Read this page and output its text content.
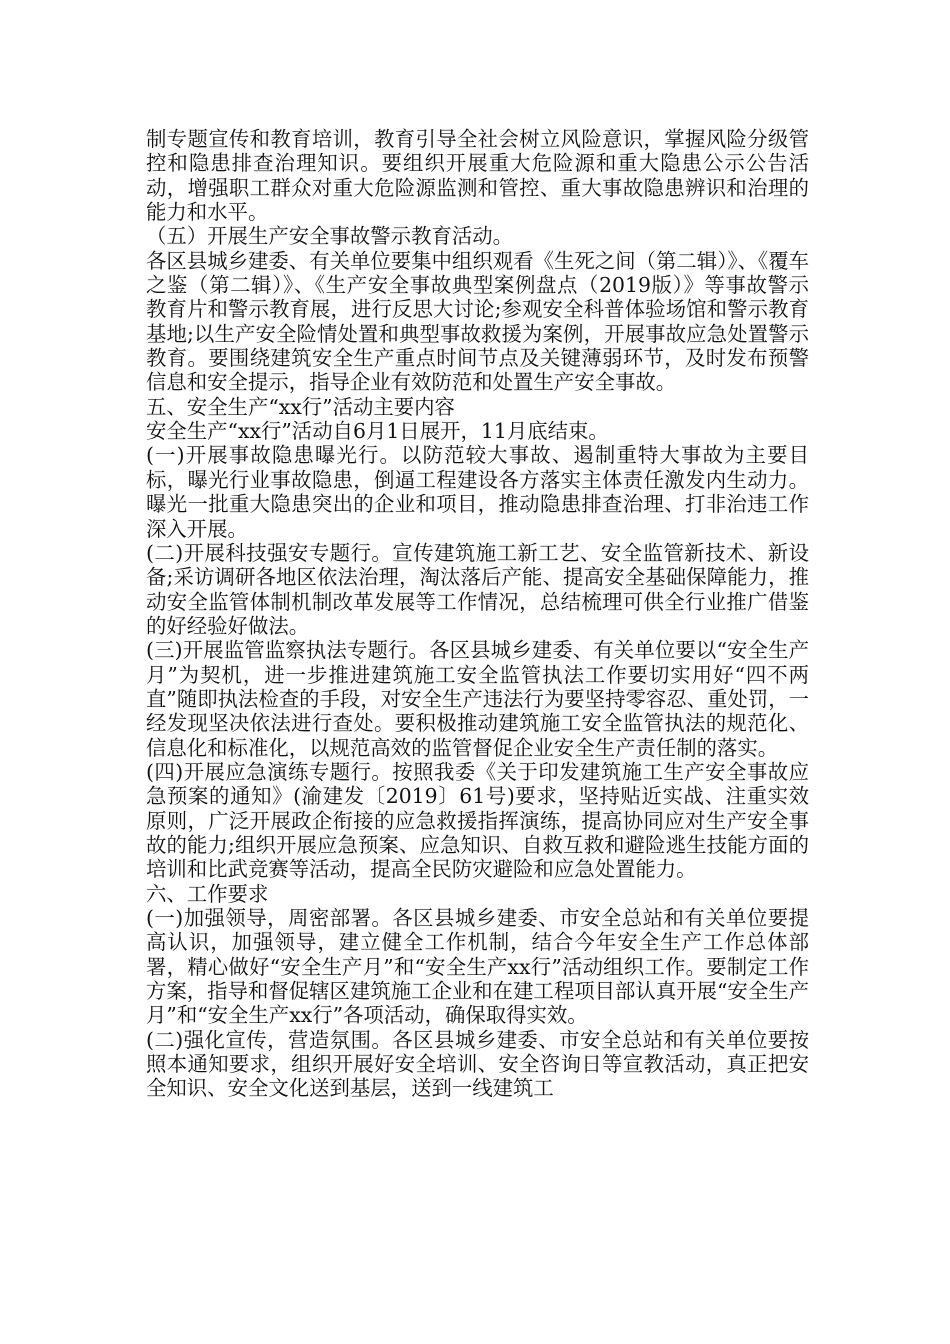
制专题宣传和教育培训，教育引导全社会树立风险意识，掌握风险分级管控和隐患排查治理知识。要组织开展重大危险源和重大隐患公示公告活动，增强职工群众对重大危险源监测和管控、重大事故隐患辨识和治理的能力和水平。

（五）开展生产安全事故警示教育活动。

各区县城乡建委、有关单位要集中组织观看《生死之间（第二辑）》、《覆车之鉴（第二辑）》、《生产安全事故典型案例盘点（2019版）》等事故警示教育片和警示教育展，进行反思大讨论;参观安全科普体验场馆和警示教育基地;以生产安全险情处置和典型事故救援为案例，开展事故应急处置警示教育。要围绕建筑安全生产重点时间节点及关键薄弱环节，及时发布预警信息和安全提示，指导企业有效防范和处置生产安全事故。

五、安全生产“xx行”活动主要内容

安全生产“xx行”活动自6月1日展开，11月底结束。

(一)开展事故隐患曝光行。以防范较大事故、遏制重特大事故为主要目标，曝光行业事故隐患，倒逼工程建设各方落实主体责任激发内生动力。曝光一批重大隐患突出的企业和项目，推动隐患排查治理、打非治违工作深入开展。

(二)开展科技强安专题行。宣传建筑施工新工艺、安全监管新技术、新设备;采访调研各地区依法治理，淘汰落后产能、提高安全基础保障能力，推动安全监管体制机制改革发展等工作情况，总结梳理可供全行业推广借鉴的好经验好做法。

(三)开展监管监察执法专题行。各区县城乡建委、有关单位要以“安全生产月”为契机，进一步推进建筑施工安全监管执法工作要切实用好“四不两直”随即执法检查的手段，对安全生产违法行为要坚持零容忍、重处罚，一经发现坚决依法进行查处。要积极推动建筑施工安全监管执法的规范化、信息化和标准化，以规范高效的监管督促企业安全生产责任制的落实。

(四)开展应急演练专题行。按照我委《关于印发建筑施工生产安全事故应急预案的通知》(渝建发〔2019〕61号)要求，坚持贴近实战、注重实效原则，广泛开展政企衔接的应急救援指挥演练，提高协同应对生产安全事故的能力;组织开展应急预案、应急知识、自救互救和避险逃生技能方面的培训和比武竞赛等活动，提高全民防灾避险和应急处置能力。

六、工作要求

(一)加强领导，周密部署。各区县城乡建委、市安全总站和有关单位要提高认识，加强领导，建立健全工作机制，结合今年安全生产工作总体部署，精心做好“安全生产月”和“安全生产xx行”活动组织工作。要制定工作方案，指导和督促辖区建筑施工企业和在建工程项目部认真开展“安全生产月”和“安全生产xx行”各项活动，确保取得实效。

(二)强化宣传，营造氛围。各区县城乡建委、市安全总站和有关单位要按照本通知要求，组织开展好安全培训、安全咨询日等宣教活动，真正把安全知识、安全文化送到基层，送到一线建筑工
